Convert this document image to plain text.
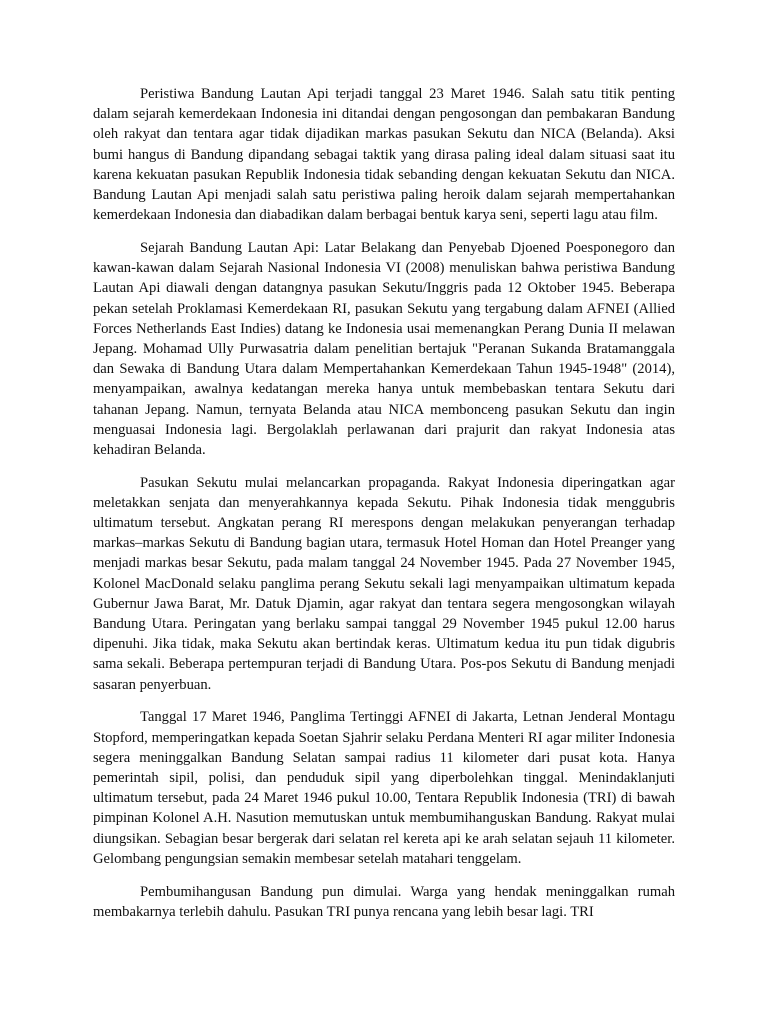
Peristiwa Bandung Lautan Api terjadi tanggal 23 Maret 1946. Salah satu titik penting dalam sejarah kemerdekaan Indonesia ini ditandai dengan pengosongan dan pembakaran Bandung oleh rakyat dan tentara agar tidak dijadikan markas pasukan Sekutu dan NICA (Belanda). Aksi bumi hangus di Bandung dipandang sebagai taktik yang dirasa paling ideal dalam situasi saat itu karena kekuatan pasukan Republik Indonesia tidak sebanding dengan kekuatan Sekutu dan NICA. Bandung Lautan Api menjadi salah satu peristiwa paling heroik dalam sejarah mempertahankan kemerdekaan Indonesia dan diabadikan dalam berbagai bentuk karya seni, seperti lagu atau film.

Sejarah Bandung Lautan Api: Latar Belakang dan Penyebab Djoened Poesponegoro dan kawan-kawan dalam Sejarah Nasional Indonesia VI (2008) menuliskan bahwa peristiwa Bandung Lautan Api diawali dengan datangnya pasukan Sekutu/Inggris pada 12 Oktober 1945. Beberapa pekan setelah Proklamasi Kemerdekaan RI, pasukan Sekutu yang tergabung dalam AFNEI (Allied Forces Netherlands East Indies) datang ke Indonesia usai memenangkan Perang Dunia II melawan Jepang. Mohamad Ully Purwasatria dalam penelitian bertajuk "Peranan Sukanda Bratamanggala dan Sewaka di Bandung Utara dalam Mempertahankan Kemerdekaan Tahun 1945-1948" (2014), menyampaikan, awalnya kedatangan mereka hanya untuk membebaskan tentara Sekutu dari tahanan Jepang. Namun, ternyata Belanda atau NICA membonceng pasukan Sekutu dan ingin menguasai Indonesia lagi. Bergolaklah perlawanan dari prajurit dan rakyat Indonesia atas kehadiran Belanda.

Pasukan Sekutu mulai melancarkan propaganda. Rakyat Indonesia diperingatkan agar meletakkan senjata dan menyerahkannya kepada Sekutu. Pihak Indonesia tidak menggubris ultimatum tersebut. Angkatan perang RI merespons dengan melakukan penyerangan terhadap markas–markas Sekutu di Bandung bagian utara, termasuk Hotel Homan dan Hotel Preanger yang menjadi markas besar Sekutu, pada malam tanggal 24 November 1945. Pada 27 November 1945, Kolonel MacDonald selaku panglima perang Sekutu sekali lagi menyampaikan ultimatum kepada Gubernur Jawa Barat, Mr. Datuk Djamin, agar rakyat dan tentara segera mengosongkan wilayah Bandung Utara. Peringatan yang berlaku sampai tanggal 29 November 1945 pukul 12.00 harus dipenuhi. Jika tidak, maka Sekutu akan bertindak keras. Ultimatum kedua itu pun tidak digubris sama sekali. Beberapa pertempuran terjadi di Bandung Utara. Pos-pos Sekutu di Bandung menjadi sasaran penyerbuan.

Tanggal 17 Maret 1946, Panglima Tertinggi AFNEI di Jakarta, Letnan Jenderal Montagu Stopford, memperingatkan kepada Soetan Sjahrir selaku Perdana Menteri RI agar militer Indonesia segera meninggalkan Bandung Selatan sampai radius 11 kilometer dari pusat kota. Hanya pemerintah sipil, polisi, dan penduduk sipil yang diperbolehkan tinggal. Menindaklanjuti ultimatum tersebut, pada 24 Maret 1946 pukul 10.00, Tentara Republik Indonesia (TRI) di bawah pimpinan Kolonel A.H. Nasution memutuskan untuk membumihanguskan Bandung. Rakyat mulai diungsikan. Sebagian besar bergerak dari selatan rel kereta api ke arah selatan sejauh 11 kilometer. Gelombang pengungsian semakin membesar setelah matahari tenggelam.

Pembumihangusan Bandung pun dimulai. Warga yang hendak meninggalkan rumah membakarnya terlebih dahulu. Pasukan TRI punya rencana yang lebih besar lagi. TRI
